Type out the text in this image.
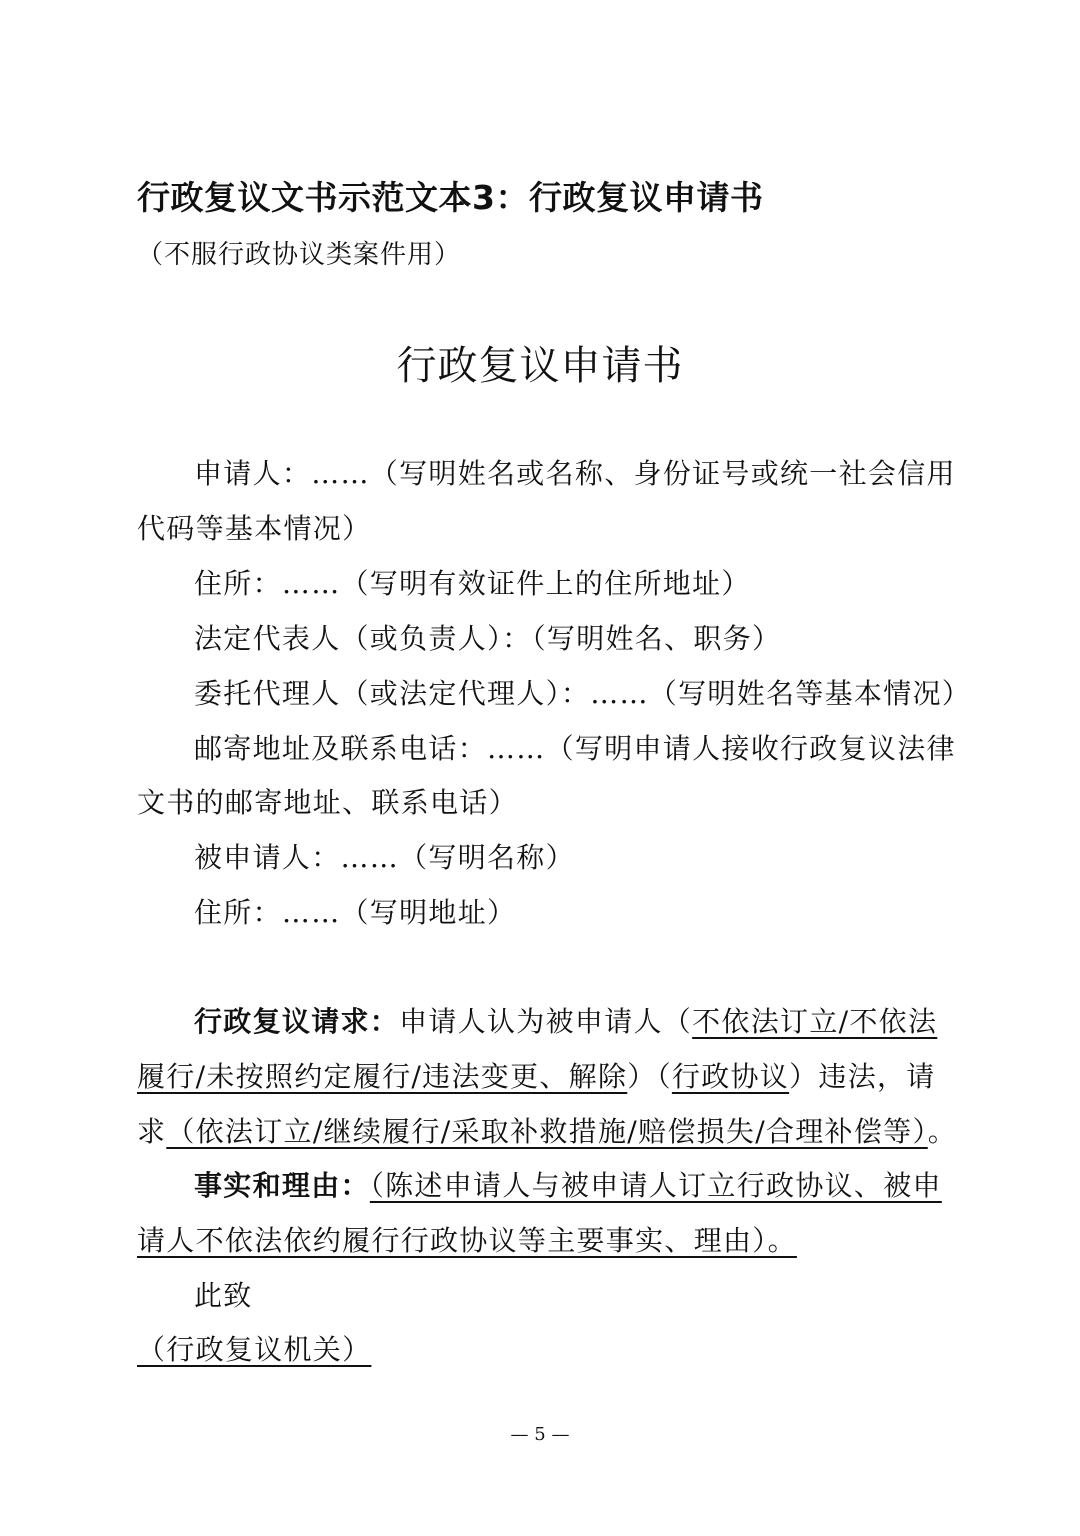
行政复议文书示范文本3：行政复议申请书
（不服行政协议类案件用）
行政复议申请书
申请人：……（写明姓名或名称、身份证号或统一社会信用
代码等基本情况）
住所：……（写明有效证件上的住所地址）
法定代表人（或负责人）：（写明姓名、职务）
委托代理人（或法定代理人）：……（写明姓名等基本情况）
邮寄地址及联系电话：……（写明申请人接收行政复议法律
文书的邮寄地址、联系电话）
被申请人：……（写明名称）
住所：……（写明地址）
行政复议请求：申请人认为被申请人（不依法订立/不依法
履行/未按照约定履行/违法变更、解除）（行政协议）违法，请
求（依法订立/继续履行/采取补救措施/赔偿损失/合理补偿等）。
事实和理由：（陈述申请人与被申请人订立行政协议、被申
请人不依法依约履行行政协议等主要事实、理由）。
此致
（行政复议机关）
— 5 —
